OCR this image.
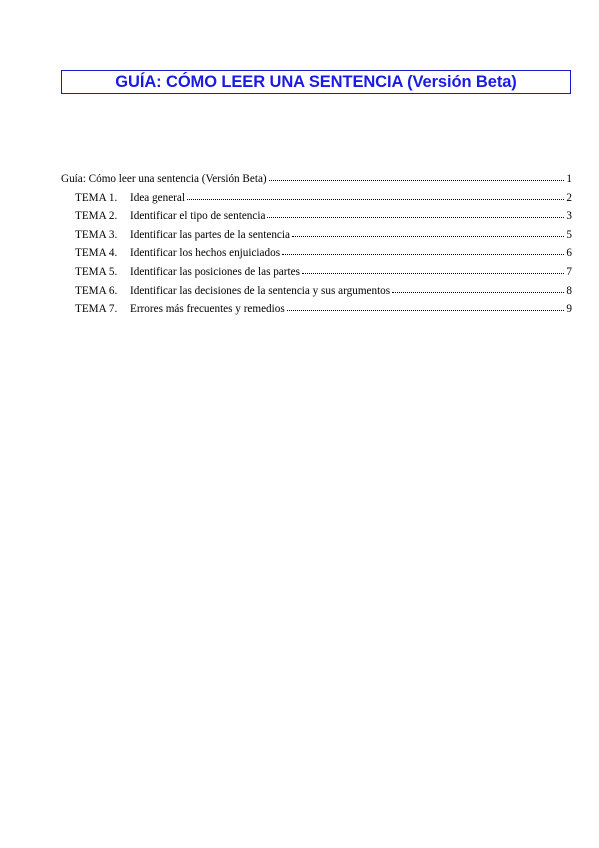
GUÍA: CÓMO LEER UNA SENTENCIA (Versión Beta)
Guía: Cómo leer una sentencia (Versión Beta)	1
TEMA 1.	Idea general	2
TEMA 2.	Identificar el tipo de sentencia	3
TEMA 3.	Identificar las partes de la sentencia	5
TEMA 4.	Identificar los hechos enjuiciados	6
TEMA 5.	Identificar las posiciones de las partes	7
TEMA 6.	Identificar las decisiones de la sentencia y sus argumentos	8
TEMA 7.	Errores más frecuentes y remedios	9
